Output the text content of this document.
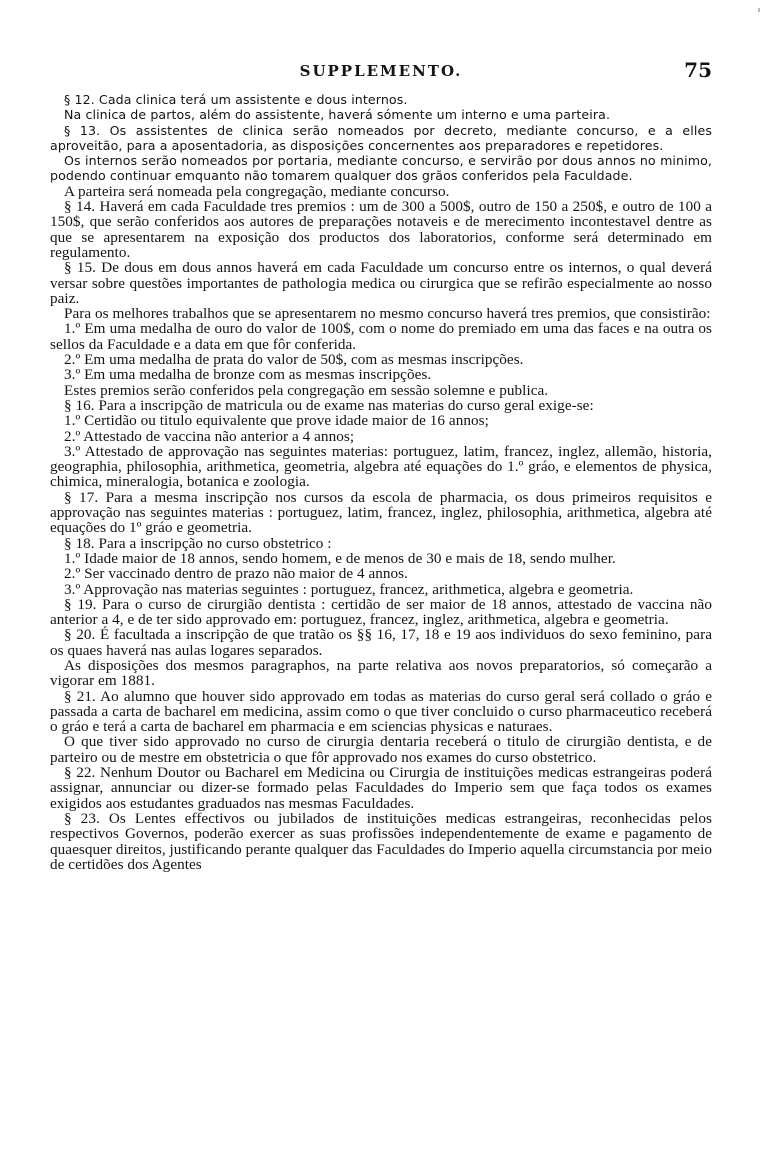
SUPPLEMENTO.	75

§ 12. Cada clinica terá um assistente e dous internos.

Na clinica de partos, além do assistente, haverá sómente um interno e uma parteira.

§ 13. Os assistentes de clinica serão nomeados por decreto, mediante concurso, e a elles aproveitão, para a aposentadoria, as disposições concernentes aos preparadores e repetidores.

Os internos serão nomeados por portaria, mediante concurso, e servirão por dous annos no minimo, podendo continuar emquanto não tomarem qualquer dos grãos conferidos pela Faculdade.

A parteira será nomeada pela congregação, mediante concurso.

§ 14. Haverá em cada Faculdade tres premios : um de 300 a 500$, outro de 150 a 250$, e outro de 100 a 150$, que serão conferidos aos autores de preparações notaveis e de merecimento incontestavel dentre as que se apresentarem na exposição dos productos dos laboratorios, conforme será determinado em regulamento.

§ 15. De dous em dous annos haverá em cada Faculdade um concurso entre os internos, o qual deverá versar sobre questões importantes de pathologia medica ou cirurgica que se refirão especialmente ao nosso paiz.

Para os melhores trabalhos que se apresentarem no mesmo concurso haverá tres premios, que consistirão:

1.º Em uma medalha de ouro do valor de 100$, com o nome do premiado em uma das faces e na outra os sellos da Faculdade e a data em que fôr conferida.

2.º Em uma medalha de prata do valor de 50$, com as mesmas inscripções.

3.º Em uma medalha de bronze com as mesmas inscripções.

Estes premios serão conferidos pela congregação em sessão solemne e publica.

§ 16. Para a inscripção de matricula ou de exame nas materias do curso geral exige-se:

1.º Certidão ou titulo equivalente que prove idade maior de 16 annos;

2.º Attestado de vaccina não anterior a 4 annos;

3.º Attestado de approvação nas seguintes materias: portuguez, latim, francez, inglez, allemão, historia, geographia, philosophia, arithmetica, geometria, algebra até equações do 1.º gráo, e elementos de physica, chimica, mineralogia, botanica e zoologia.

§ 17. Para a mesma inscripção nos cursos da escola de pharmacia, os dous primeiros requisitos e approvação nas seguintes materias : portuguez, latim, francez, inglez, philosophia, arithmetica, algebra até equações do 1º gráo e geometria.

§ 18. Para a inscripção no curso obstetrico :

1.º Idade maior de 18 annos, sendo homem, e de menos de 30 e mais de 18, sendo mulher.

2.º Ser vaccinado dentro de prazo não maior de 4 annos.

3.º Approvação nas materias seguintes : portuguez, francez, arithmetica, algebra e geometria.

§ 19. Para o curso de cirurgião dentista : certidão de ser maior de 18 annos, attestado de vaccina não anterior a 4, e de ter sido approvado em: portuguez, francez, inglez, arithmetica, algebra e geometria.

§ 20. É facultada a inscripção de que tratão os §§ 16, 17, 18 e 19 aos individuos do sexo feminino, para os quaes haverá nas aulas logares separados.

As disposições dos mesmos paragraphos, na parte relativa aos novos preparatorios, só começarão a vigorar em 1881.

§ 21. Ao alumno que houver sido approvado em todas as materias do curso geral será collado o gráo e passada a carta de bacharel em medicina, assim como o que tiver concluido o curso pharmaceutico receberá o gráo e terá a carta de bacharel em pharmacia e em sciencias physicas e naturaes.

O que tiver sido approvado no curso de cirurgia dentaria receberá o titulo de cirurgião dentista, e de parteiro ou de mestre em obstetricia o que fôr approvado nos exames do curso obstetrico.

§ 22. Nenhum Doutor ou Bacharel em Medicina ou Cirurgia de instituições medicas estrangeiras poderá assignar, annunciar ou dizer-se formado pelas Faculdades do Imperio sem que faça todos os exames exigidos aos estudantes graduados nas mesmas Faculdades.

§ 23. Os Lentes effectivos ou jubilados de instituições medicas estrangeiras, reconhecidas pelos respectivos Governos, poderão exercer as suas profissões independentemente de exame e pagamento de quaesquer direitos, justificando perante qualquer das Faculdades do Imperio aquella circumstancia por meio de certidões dos Agentes
